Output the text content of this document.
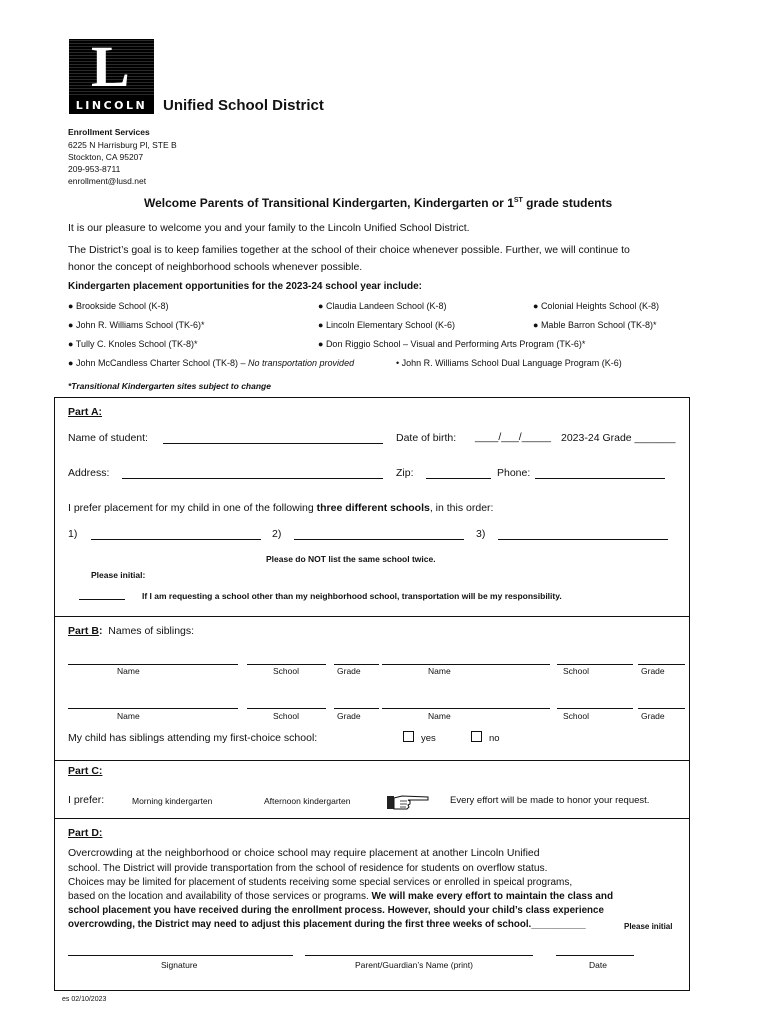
L
LINCOLN	Unified School District
Enrollment Services
6225 N Harrisburg Pl, STE B
Stockton, CA 95207
209-953-8711
enrollment@lusd.net
Welcome Parents of Transitional Kindergarten, Kindergarten or 1ST grade students
It is our pleasure to welcome you and your family to the Lincoln Unified School District.
The District’s goal is to keep families together at the school of their choice whenever possible. Further, we will continue to
honor the concept of neighborhood schools whenever possible.
Kindergarten placement opportunities for the 2023-24 school year include:
● Brookside School (K-8)	● Claudia Landeen School (K-8)	● Colonial Heights School (K-8)
● John R. Williams School (TK-6)*	● Lincoln Elementary School (K-6)	● Mable Barron School (TK-8)*
● Tully C. Knoles School (TK-8)*	● Don Riggio School – Visual and Performing Arts Program (TK-6)*
● John McCandless Charter School (TK-8) – No transportation provided	• John R. Williams School Dual Language Program (K-6)
*Transitional Kindergarten sites subject to change
Part A:
Name of student:	Date of birth: ____/___/_____ 2023-24 Grade _______
Address:	Zip:	Phone:
I prefer placement for my child in one of the following three different schools, in this order:
1)	2)	3)
Please do NOT list the same school twice.
Please initial:
If I am requesting a school other than my neighborhood school, transportation will be my responsibility.
Part B: Names of siblings:
Name	School	Grade	Name	School	Grade
Name	School	Grade	Name	School	Grade
My child has siblings attending my first-choice school:	yes	no
Part C:
I prefer:	Morning kindergarten	Afternoon kindergarten	Every effort will be made to honor your request.
Part D:
Overcrowding at the neighborhood or choice school may require placement at another Lincoln Unified
school. The District will provide transportation from the school of residence for students on overflow status.
Choices may be limited for placement of students receiving some special services or enrolled in speical programs,
based on the location and availability of those services or programs. We will make every effort to maintain the class and
school placement you have received during the enrollment process. However, should your child’s class experience
overcrowding, the District may need to adjust this placement during the first three weeks of school.__________	Please initial
Signature	Parent/Guardian’s Name (print)	Date
es 02/10/2023
